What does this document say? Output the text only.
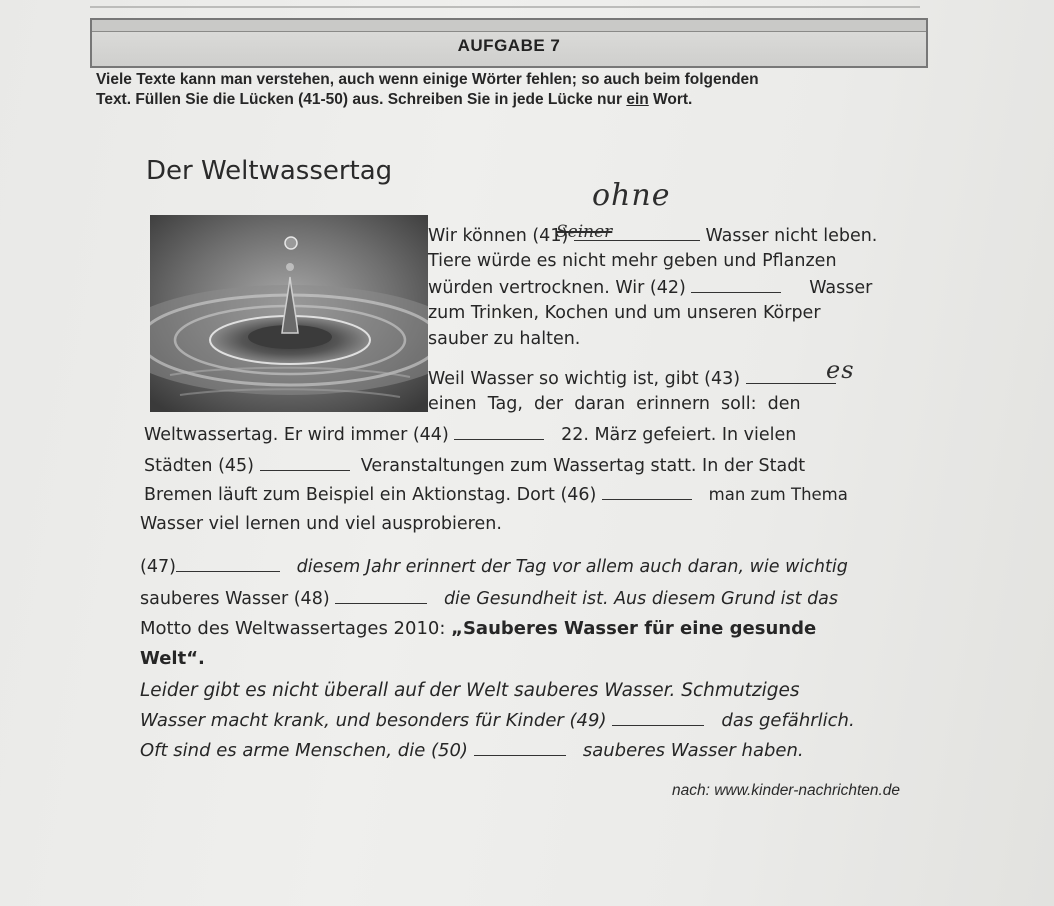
AUFGABE 7
Viele Texte kann man verstehen, auch wenn einige Wörter fehlen; so auch beim folgenden
Text. Füllen Sie die Lücken (41-50) aus. Schreiben Sie in jede Lücke nur ein Wort.
Der Weltwassertag
ohne
Seiner
es
Wir können (41)	Wasser nicht leben.
Tiere würde es nicht mehr geben und Pflanzen
würden vertrocknen. Wir (42)	Wasser
zum Trinken, Kochen und um unseren Körper
sauber zu halten.
Weil Wasser so wichtig ist, gibt (43)
einen  Tag,  der  daran  erinnern  soll:  den
Weltwassertag. Er wird immer (44)	22. März gefeiert. In vielen
Städten (45)	Veranstaltungen zum Wassertag statt. In der Stadt
Bremen läuft zum Beispiel ein Aktionstag. Dort (46)	man zum Thema
Wasser viel lernen und viel ausprobieren.
(47)	diesem Jahr erinnert der Tag vor allem auch daran, wie wichtig
sauberes Wasser (48)	die Gesundheit ist. Aus diesem Grund ist das
Motto des Weltwassertages 2010: „Sauberes Wasser für eine gesunde
Welt“.
Leider gibt es nicht überall auf der Welt sauberes Wasser. Schmutziges
Wasser macht krank, und besonders für Kinder (49)	das gefährlich.
Oft sind es arme Menschen, die (50)	sauberes Wasser haben.
nach: www.kinder-nachrichten.de
